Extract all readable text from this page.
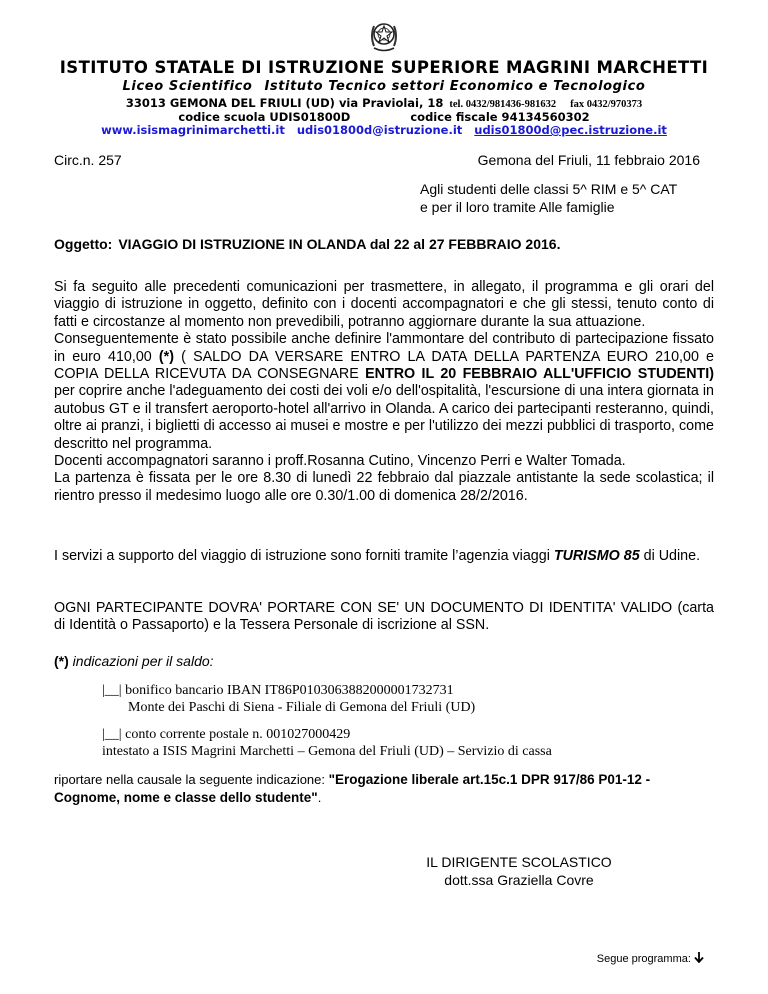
ISTITUTO STATALE DI ISTRUZIONE SUPERIORE MAGRINI MARCHETTI
Liceo Scientifico Istituto Tecnico settori Economico e Tecnologico
33013 GEMONA DEL FRIULI (UD) via Praviolai, 18 tel. 0432/981436-981632 fax 0432/970373
codice scuola UDIS01800D	codice fiscale 94134560302
www.isismagrinimarchetti.it udis01800d@istruzione.it udis01800d@pec.istruzione.it
Circ.n. 257	Gemona del Friuli, 11 febbraio 2016
Agli studenti delle classi 5^ RIM e 5^ CAT
e per il loro tramite Alle famiglie
Oggetto: VIAGGIO DI ISTRUZIONE IN OLANDA dal 22 al 27 FEBBRAIO 2016.

Si fa seguito alle precedenti comunicazioni per trasmettere, in allegato, il programma e gli orari del viaggio di istruzione in oggetto, definito con i docenti accompagnatori e che gli stessi, tenuto conto di fatti e circostanze al momento non prevedibili, potranno aggiornare durante la sua attuazione.

Conseguentemente è stato possibile anche definire l'ammontare del contributo di partecipazione fissato in euro 410,00 (*) ( SALDO DA VERSARE ENTRO LA DATA DELLA PARTENZA EURO 210,00 e COPIA DELLA RICEVUTA DA CONSEGNARE ENTRO IL 20 FEBBRAIO ALL'UFFICIO STUDENTI) per coprire anche l'adeguamento dei costi dei voli e/o dell'ospitalità, l'escursione di una intera giornata in autobus GT e il transfert aeroporto-hotel all'arrivo in Olanda. A carico dei partecipanti resteranno, quindi, oltre ai pranzi, i biglietti di accesso ai musei e mostre e per l'utilizzo dei mezzi pubblici di trasporto, come descritto nel programma.

Docenti accompagnatori saranno i proff.Rosanna Cutino, Vincenzo Perri e Walter Tomada.

La partenza è fissata per le ore 8.30 di lunedì 22 febbraio dal piazzale antistante la sede scolastica; il rientro presso il medesimo luogo alle ore 0.30/1.00 di domenica 28/2/2016.

I servizi a supporto del viaggio di istruzione sono forniti tramite l’agenzia viaggi TURISMO 85 di Udine.
OGNI PARTECIPANTE DOVRA' PORTARE CON SE' UN DOCUMENTO DI IDENTITA' VALIDO (carta di Identità o Passaporto) e la Tessera Personale di iscrizione al SSN.
(*) indicazioni per il saldo:
|__| bonifico bancario IBAN IT86P0103063882000001732731
Monte dei Paschi di Siena - Filiale di Gemona del Friuli (UD)
|__| conto corrente postale n. 001027000429
intestato a ISIS Magrini Marchetti – Gemona del Friuli (UD) – Servizio di cassa
riportare nella causale la seguente indicazione: "Erogazione liberale art.15c.1 DPR 917/86 P01-12 - Cognome, nome e classe dello studente".
IL DIRIGENTE SCOLASTICO
dott.ssa Graziella Covre
Segue programma:
